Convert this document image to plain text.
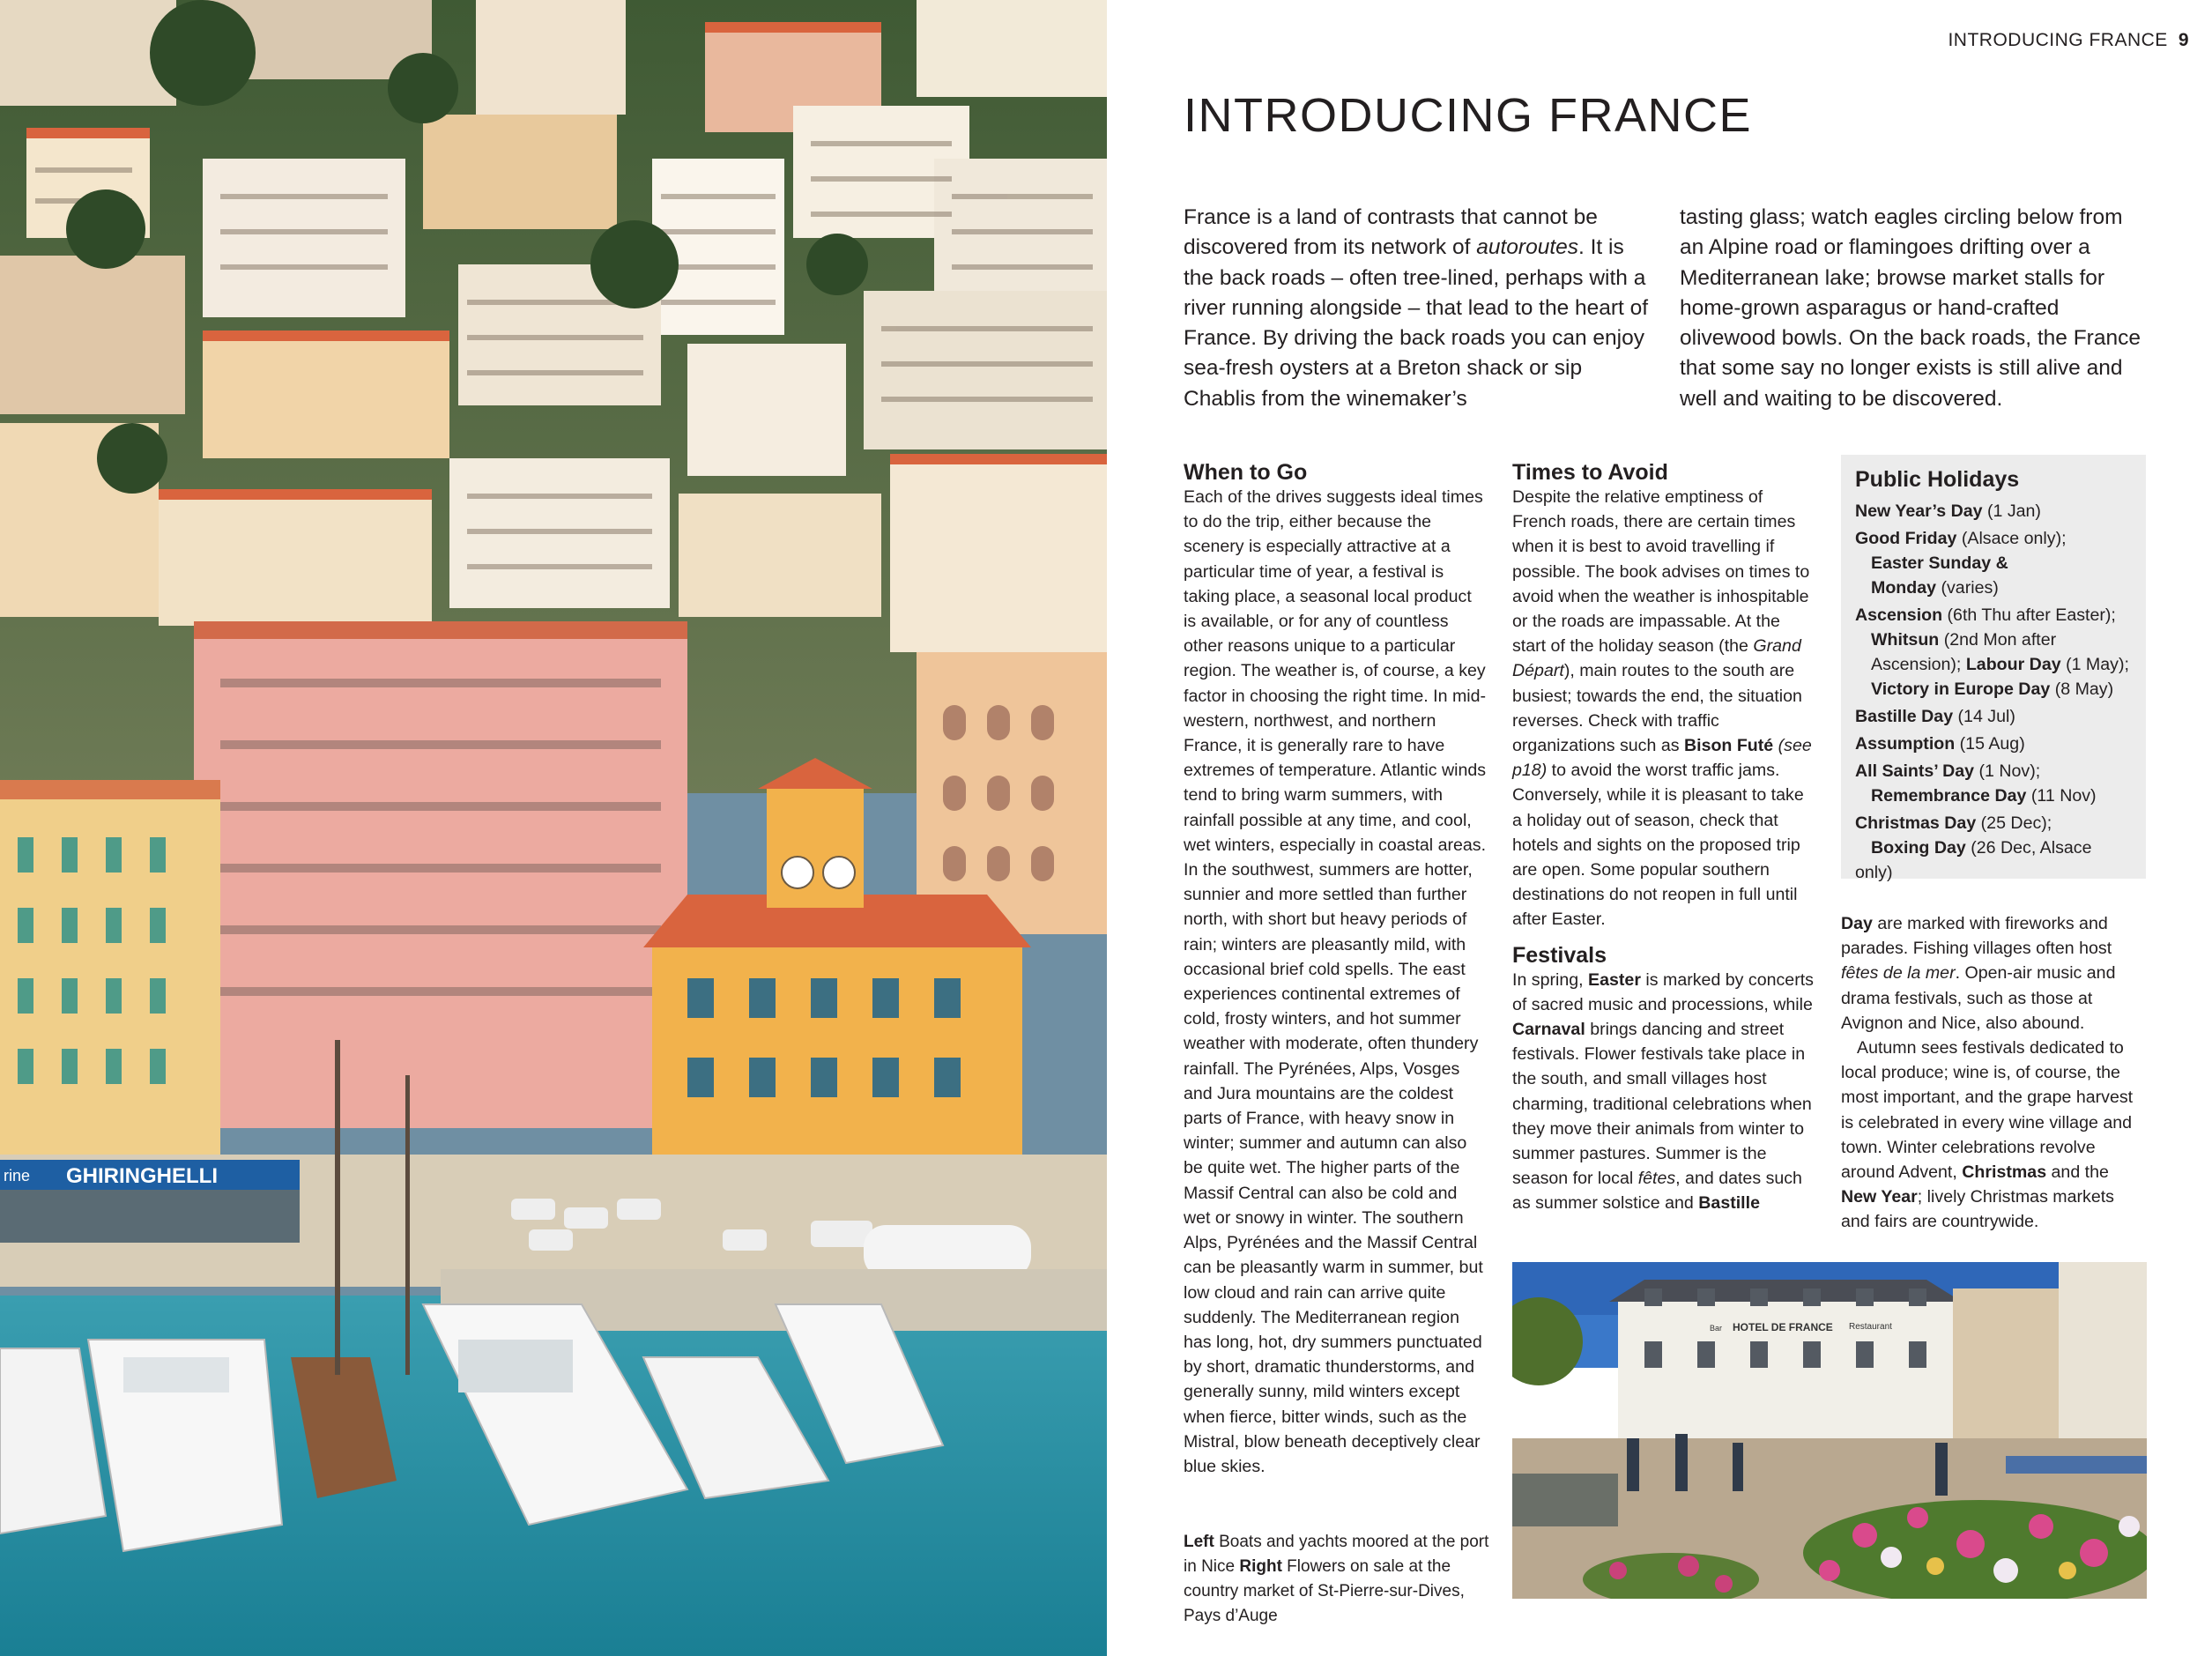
rine GHIRINGHELLI
INTRODUCING FRANCE 9
INTRODUCING FRANCE
France is a land of contrasts that cannot be discovered from its network of autoroutes. It is the back roads – often tree-lined, perhaps with a river running alongside – that lead to the heart of France. By driving the back roads you can enjoy sea-fresh oysters at a Breton shack or sip Chablis from the winemaker’s
tasting glass; watch eagles circling below from an Alpine road or flamingoes drifting over a Mediterranean lake; browse market stalls for home-grown asparagus or hand-crafted olivewood bowls. On the back roads, the France that some say no longer exists is still alive and well and waiting to be discovered.
When to Go

Each of the drives suggests ideal times to do the trip, either because the scenery is especially attractive at a particular time of year, a festival is taking place, a seasonal local product is available, or for any of countless other reasons unique to a particular region. The weather is, of course, a key factor in choosing the right time. In mid-western, northwest, and northern France, it is generally rare to have extremes of temperature. Atlantic winds tend to bring warm summers, with rainfall possible at any time, and cool, wet winters, especially in coastal areas. In the southwest, summers are hotter, sunnier and more settled than further north, with short but heavy periods of rain; winters are pleasantly mild, with occasional brief cold spells. The east experiences continental extremes of cold, frosty winters, and hot summer weather with moderate, often thundery rainfall. The Pyrénées, Alps, Vosges and Jura mountains are the coldest parts of France, with heavy snow in winter; summer and autumn can also be quite wet. The higher parts of the Massif Central can also be cold and wet or snowy in winter. The southern Alps, Pyrénées and the Massif Central can be pleasantly warm in summer, but low cloud and rain can arrive quite suddenly. The Mediterranean region has long, hot, dry summers punctuated by short, dramatic thunderstorms, and generally sunny, mild winters except when fierce, bitter winds, such as the Mistral, blow beneath deceptively clear blue skies.

Times to Avoid

Despite the relative emptiness of French roads, there are certain times when it is best to avoid travelling if possible. The book advises on times to avoid when the weather is inhospitable or the roads are impassable. At the start of the holiday season (the Grand Départ), main routes to the south are busiest; towards the end, the situation reverses. Check with traffic organizations such as Bison Futé (see p18) to avoid the worst traffic jams. Conversely, while it is pleasant to take a holiday out of season, check that hotels and sights on the proposed trip are open. Some popular southern destinations do not reopen in full until after Easter.

Festivals

In spring, Easter is marked by concerts of sacred music and processions, while Carnaval brings dancing and street festivals. Flower festivals take place in the south, and small villages host charming, traditional celebrations when they move their animals from winter to summer pastures. Summer is the season for local fêtes, and dates such as summer solstice and Bastille

Public Holidays
New Year’s Day (1 Jan)
Good Friday (Alsace only);
Easter Sunday &
Monday (varies)
Ascension (6th Thu after Easter);
Whitsun (2nd Mon after
Ascension); Labour Day (1 May);
Victory in Europe Day (8 May)
Bastille Day (14 Jul)
Assumption (15 Aug)
All Saints’ Day (1 Nov);
Remembrance Day (11 Nov)
Christmas Day (25 Dec);
Boxing Day (26 Dec, Alsace only)

Day are marked with fireworks and parades. Fishing villages often host fêtes de la mer. Open-air music and drama festivals, such as those at Avignon and Nice, also abound.

Autumn sees festivals dedicated to local produce; wine is, of course, the most important, and the grape harvest is celebrated in every wine village and town. Winter celebrations revolve around Advent, Christmas and the New Year; lively Christmas markets and fairs are countrywide.

Left Boats and yachts moored at the port in Nice Right Flowers on sale at the country market of St-Pierre-sur-Dives, Pays d’Auge
HOTEL DE FRANCE
Bar	Restaurant
